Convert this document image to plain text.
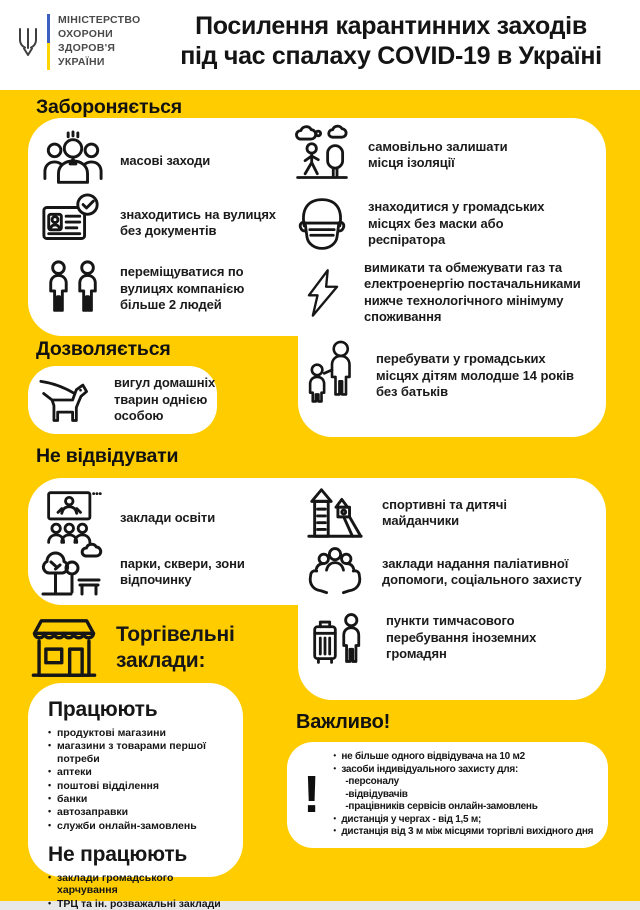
МІНІСТЕРСТВО
ОХОРОНИ
ЗДОРОВ'Я
УКРАЇНИ
Посилення карантинних заходів
під час спалаху COVID-19 в Україні
Забороняється
Дозволяється
Не відвідувати
Важливо!
масові заходи
самовільно залишати місця ізоляції
знаходитись на вулицях без документів
знаходитися у громадських місцях без маски або респіратора
переміщуватися по вулицях компанією більше 2 людей
вимикати та обмежувати газ та електроенергію постачальниками нижче технологічного мінімуму споживання
перебувати у громадських місцях дітям молодше 14 років без батьків
вигул домашніх тварин однією особою
заклади освіти
спортивні та дитячі майданчики
парки, сквери, зони відпочинку
заклади надання паліативної допомоги, соціального захисту
пункти тимчасового перебування іноземних громадян
Торгівельні заклади:
Працюють
• продуктові магазини
• магазини з товарами першої потреби
• аптеки
• поштові відділення
• банки
• автозаправки
• служби онлайн-замовлень
Не працюють
• заклади громадського харчування
• ТРЦ та ін. розважальні заклади
!
• не більше одного відвідувача на 10 м2
• засоби індивідуального захисту для:
-персоналу
-відвідувачів
-працівників сервісів онлайн-замовлень
• дистанція у чергах - від 1,5 м;
• дистанція від 3 м між місцями торгівлі вихідного дня
